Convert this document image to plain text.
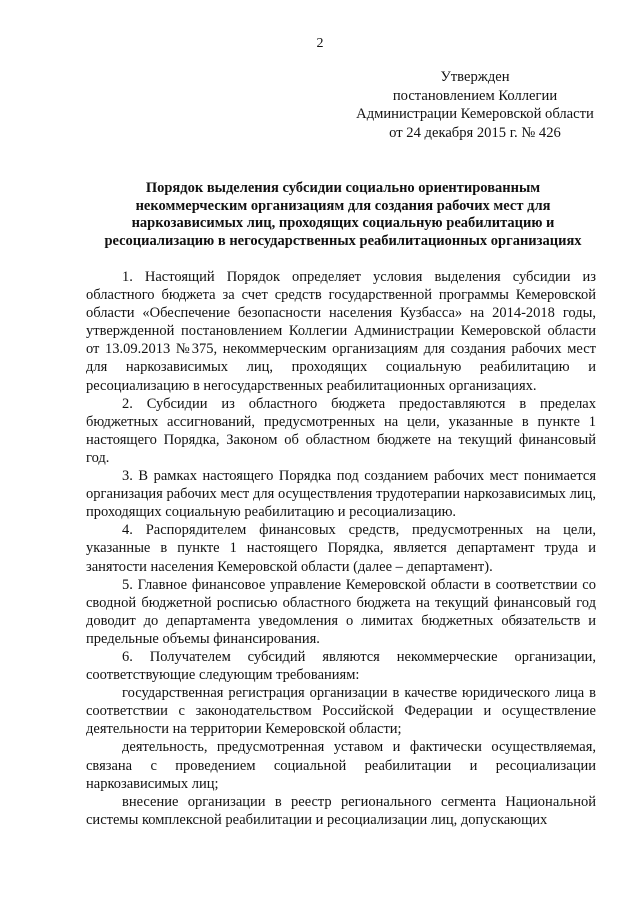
2
Утвержден
постановлением Коллегии
Администрации Кемеровской области
от 24 декабря 2015 г. № 426
Порядок выделения субсидии социально ориентированным
некоммерческим организациям для создания рабочих мест для
наркозависимых лиц, проходящих социальную реабилитацию и
ресоциализацию в негосударственных реабилитационных организациях

1. Настоящий Порядок определяет условия выделения субсидии из областного бюджета за счет средств государственной программы Кемеровской области «Обеспечение безопасности населения Кузбасса» на 2014-2018 годы, утвержденной постановлением Коллегии Администрации Кемеровской области от 13.09.2013 №375, некоммерческим организациям для создания рабочих мест для наркозависимых лиц, проходящих социальную реабилитацию и ресоциализацию в негосударственных реабилитационных организациях.

2. Субсидии из областного бюджета предоставляются в пределах бюджетных ассигнований, предусмотренных на цели, указанные в пункте 1 настоящего Порядка, Законом об областном бюджете на текущий финансовый год.

3. В рамках настоящего Порядка под созданием рабочих мест понимается организация рабочих мест для осуществления трудотерапии наркозависимых лиц, проходящих социальную реабилитацию и ресоциализацию.

4. Распорядителем финансовых средств, предусмотренных на цели, указанные в пункте 1 настоящего Порядка, является департамент труда и занятости населения Кемеровской области (далее – департамент).

5. Главное финансовое управление Кемеровской области в соответствии со сводной бюджетной росписью областного бюджета на текущий финансовый год доводит до департамента уведомления о лимитах бюджетных обязательств и предельные объемы финансирования.

6. Получателем субсидий являются некоммерческие организации, соответствующие следующим требованиям:

государственная регистрация организации в качестве юридического лица в соответствии с законодательством Российской Федерации и осуществление деятельности на территории Кемеровской области;

деятельность, предусмотренная уставом и фактически осуществляемая, связана с проведением социальной реабилитации и ресоциализации наркозависимых лиц;

внесение организации в реестр регионального сегмента Национальной системы комплексной реабилитации и ресоциализации лиц, допускающих
